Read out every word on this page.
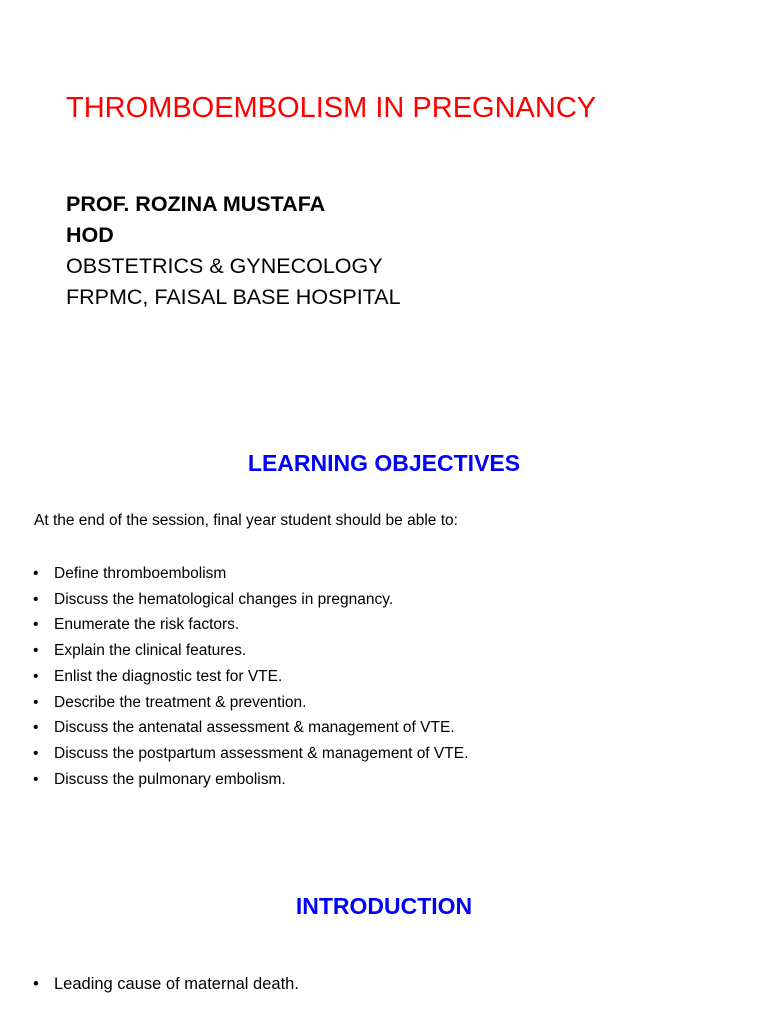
THROMBOEMBOLISM IN PREGNANCY
PROF. ROZINA MUSTAFA
HOD
OBSTETRICS & GYNECOLOGY
FRPMC, FAISAL BASE HOSPITAL
LEARNING OBJECTIVES
At the end of the session, final year student should be able to:
• Define thromboembolism
• Discuss the hematological changes in pregnancy.
• Enumerate the risk factors.
• Explain the clinical features.
• Enlist the diagnostic test for VTE.
• Describe the treatment & prevention.
• Discuss the antenatal assessment & management of VTE.
• Discuss the postpartum assessment & management of VTE.
• Discuss the pulmonary embolism.
INTRODUCTION
• Leading cause of maternal death.
